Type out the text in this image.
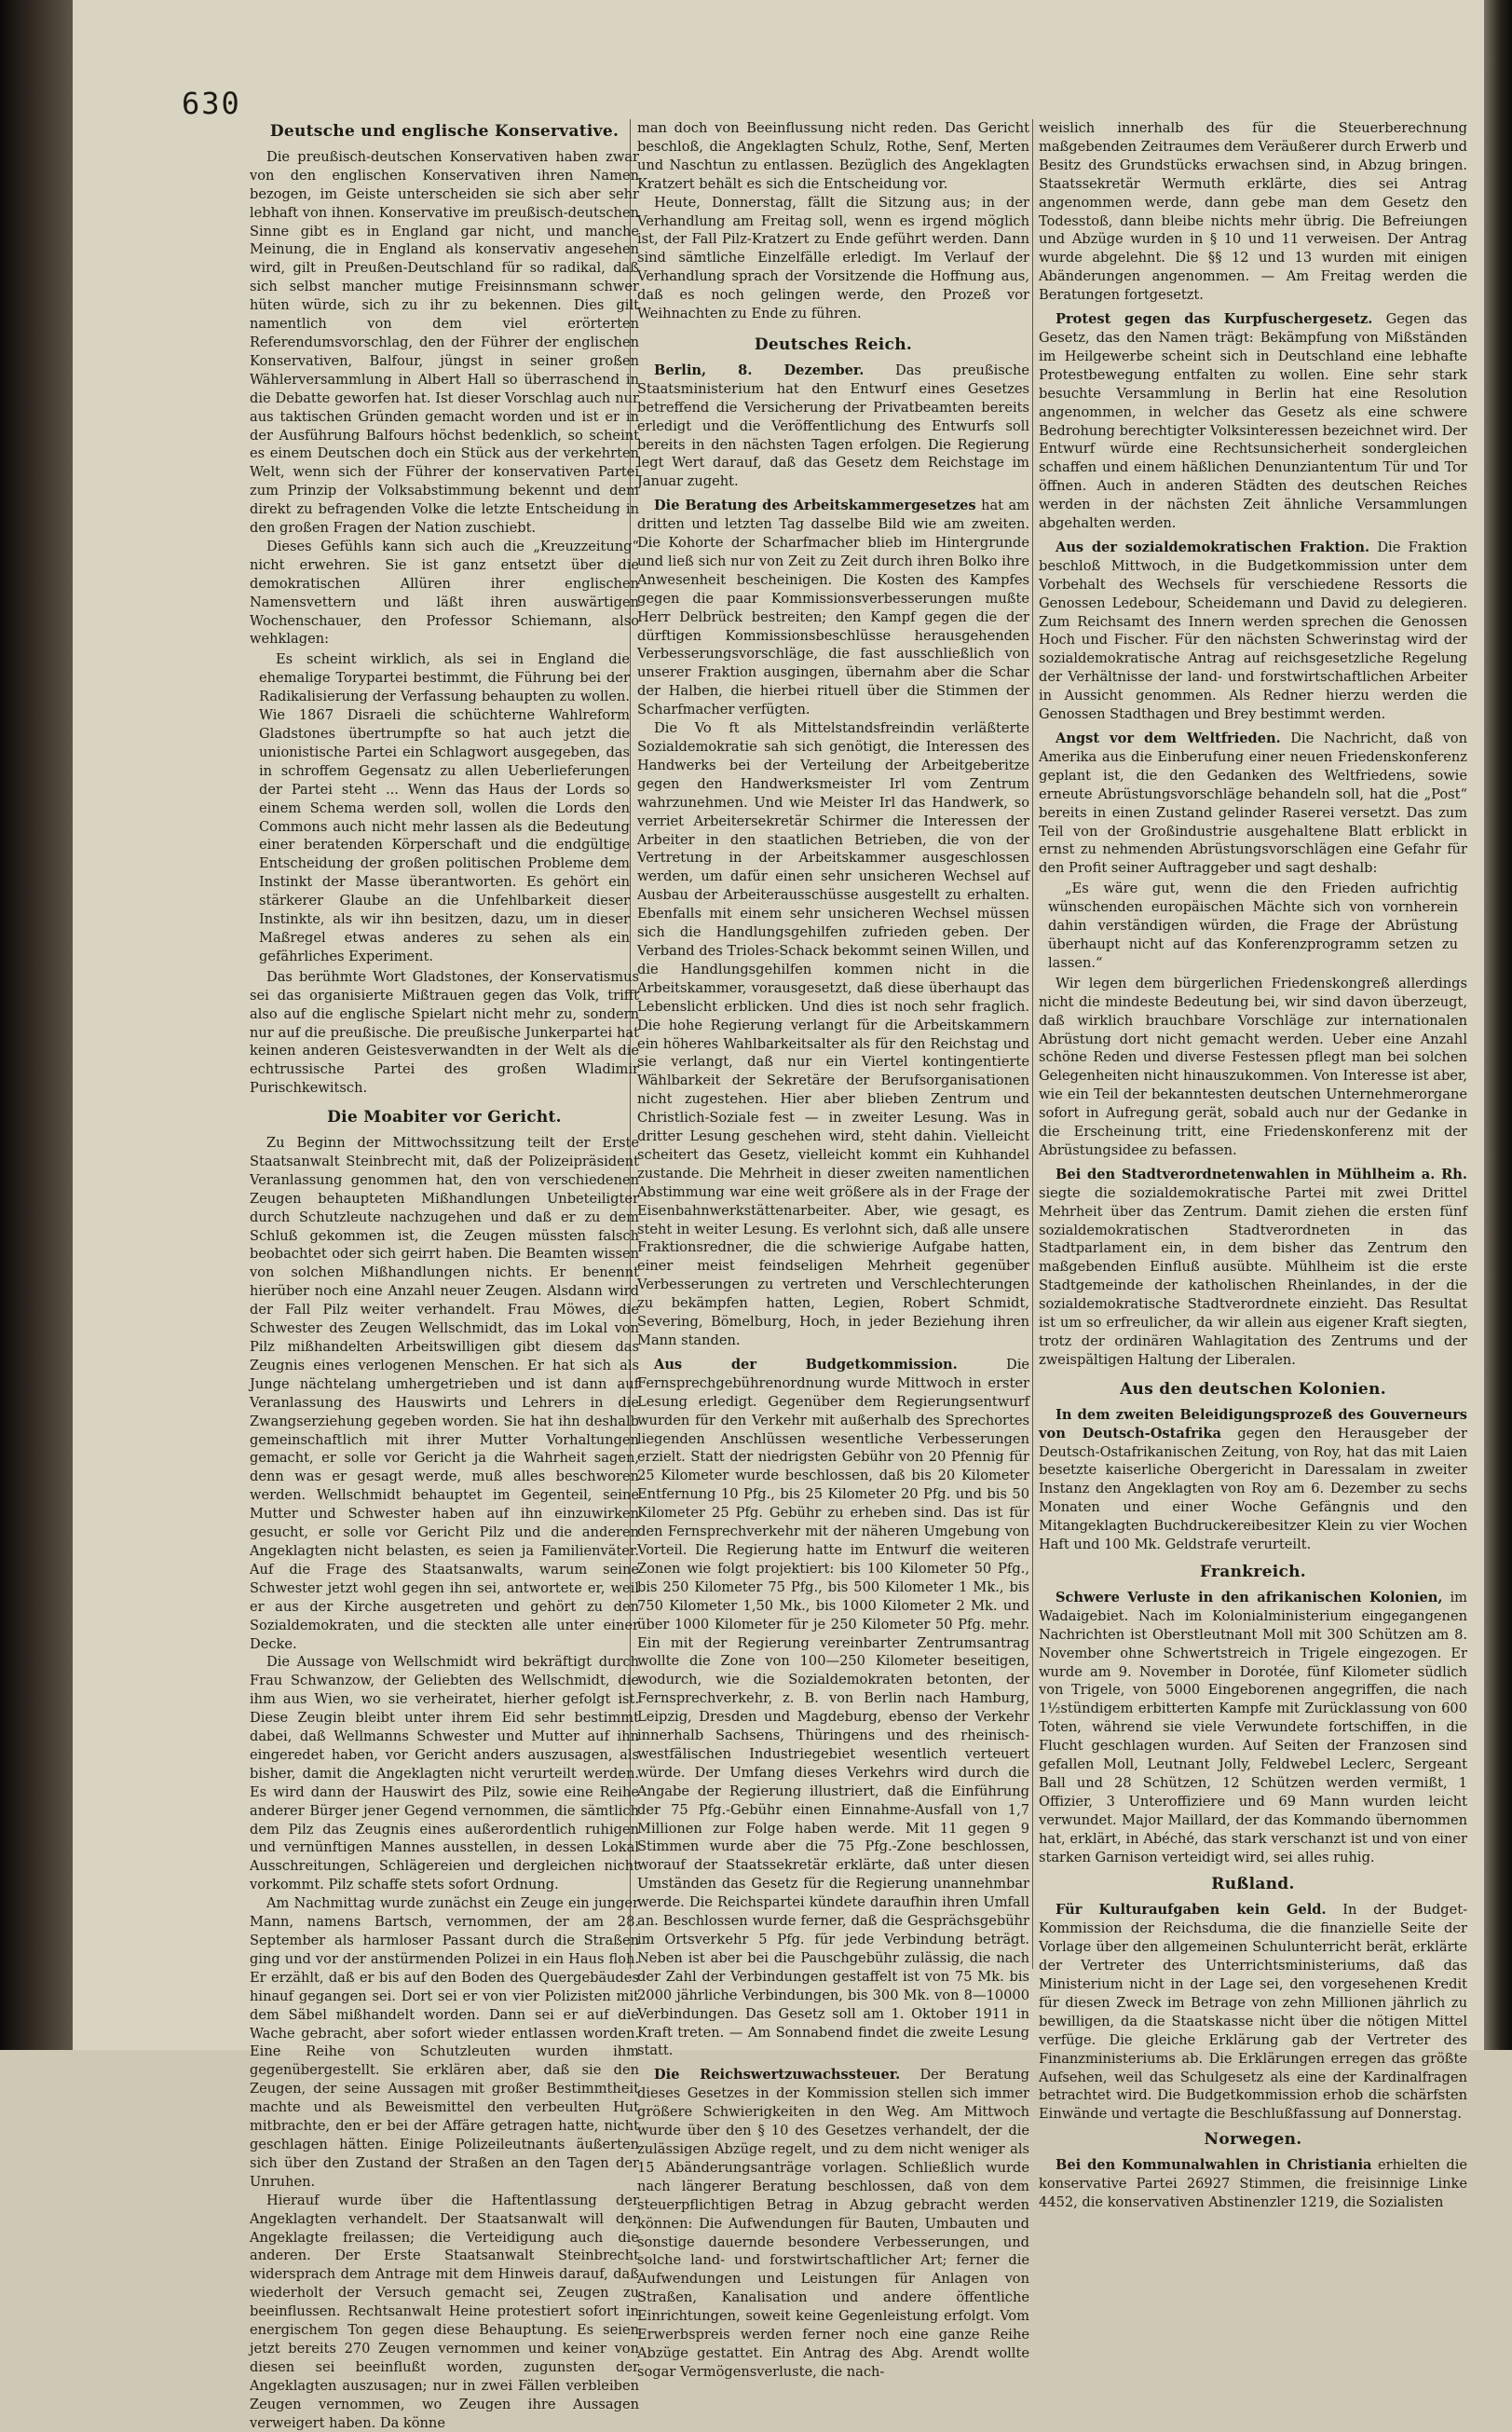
630
Deutsche und englische Konservative.

Die preußisch-deutschen Konservativen haben zwar von den englischen Konservativen ihren Namen bezogen, im Geiste unterscheiden sie sich aber sehr lebhaft von ihnen. Konservative im preußisch-deutschen Sinne gibt es in England gar nicht, und manche Meinung, die in England als konservativ angesehen wird, gilt in Preußen-Deutschland für so radikal, daß sich selbst mancher mutige Freisinnsmann schwer hüten würde, sich zu ihr zu bekennen. Dies gilt namentlich von dem viel erörterten Referendumsvorschlag, den der Führer der englischen Konservativen, Balfour, jüngst in seiner großen Wählerversammlung in Albert Hall so überraschend in die Debatte geworfen hat. Ist dieser Vorschlag auch nur aus taktischen Gründen gemacht worden und ist er in der Ausführung Balfours höchst bedenklich, so scheint es einem Deutschen doch ein Stück aus der verkehrten Welt, wenn sich der Führer der konservativen Partei zum Prinzip der Volksabstimmung bekennt und dem direkt zu befragenden Volke die letzte Entscheidung in den großen Fragen der Nation zuschiebt.

Dieses Gefühls kann sich auch die „Kreuzzeitung“ nicht erwehren. Sie ist ganz entsetzt über die demokratischen Allüren ihrer englischen Namensvettern und läßt ihren auswärtigen Wochenschauer, den Professor Schiemann, also wehklagen:

Es scheint wirklich, als sei in England die ehemalige Torypartei bestimmt, die Führung bei der Radikalisierung der Verfassung behaupten zu wollen. Wie 1867 Disraeli die schüchterne Wahlreform Gladstones übertrumpfte so hat auch jetzt die unionistische Partei ein Schlagwort ausgegeben, das in schroffem Gegensatz zu allen Ueberlieferungen der Partei steht ... Wenn das Haus der Lords so einem Schema werden soll, wollen die Lords den Commons auch nicht mehr lassen als die Bedeutung einer beratenden Körperschaft und die endgültige Entscheidung der großen politischen Probleme dem Instinkt der Masse überantworten. Es gehört ein stärkerer Glaube an die Unfehlbarkeit dieser Instinkte, als wir ihn besitzen, dazu, um in dieser Maßregel etwas anderes zu sehen als ein gefährliches Experiment.

Das berühmte Wort Gladstones, der Konservatismus sei das organisierte Mißtrauen gegen das Volk, trifft also auf die englische Spielart nicht mehr zu, sondern nur auf die preußische. Die preußische Junkerpartei hat keinen anderen Geistesverwandten in der Welt als die echtrussische Partei des großen Wladimir Purischkewitsch.

Die Moabiter vor Gericht.

Zu Beginn der Mittwochssitzung teilt der Erste Staatsanwalt Steinbrecht mit, daß der Polizeipräsident Veranlassung genommen hat, den von verschiedenen Zeugen behaupteten Mißhandlungen Unbeteiligter durch Schutzleute nachzugehen und daß er zu dem Schluß gekommen ist, die Zeugen müssten falsch beobachtet oder sich geirrt haben. Die Beamten wissen von solchen Mißhandlungen nichts. Er benennt hierüber noch eine Anzahl neuer Zeugen. Alsdann wird der Fall Pilz weiter verhandelt. Frau Möwes, die Schwester des Zeugen Wellschmidt, das im Lokal von Pilz mißhandelten Arbeitswilligen gibt diesem das Zeugnis eines verlogenen Menschen. Er hat sich als Junge nächtelang umhergetrieben und ist dann auf Veranlassung des Hauswirts und Lehrers in die Zwangserziehung gegeben worden. Sie hat ihn deshalb gemeinschaftlich mit ihrer Mutter Vorhaltungen gemacht, er solle vor Gericht ja die Wahrheit sagen, denn was er gesagt werde, muß alles beschworen werden. Wellschmidt behauptet im Gegenteil, seine Mutter und Schwester haben auf ihn einzuwirken gesucht, er solle vor Gericht Pilz und die anderen Angeklagten nicht belasten, es seien ja Familienväter. Auf die Frage des Staatsanwalts, warum seine Schwester jetzt wohl gegen ihn sei, antwortete er, weil er aus der Kirche ausgetreten und gehört zu den Sozialdemokraten, und die steckten alle unter einer Decke.

Die Aussage von Wellschmidt wird bekräftigt durch Frau Schwanzow, der Geliebten des Wellschmidt, die ihm aus Wien, wo sie verheiratet, hierher gefolgt ist. Diese Zeugin bleibt unter ihrem Eid sehr bestimmt dabei, daß Wellmanns Schwester und Mutter auf ihn eingeredet haben, vor Gericht anders auszusagen, als bisher, damit die Angeklagten nicht verurteilt werden. Es wird dann der Hauswirt des Pilz, sowie eine Reihe anderer Bürger jener Gegend vernommen, die sämtlich dem Pilz das Zeugnis eines außerordentlich ruhigen und vernünftigen Mannes ausstellen, in dessen Lokal Ausschreitungen, Schlägereien und dergleichen nicht vorkommt. Pilz schaffe stets sofort Ordnung.

Am Nachmittag wurde zunächst ein Zeuge ein junger Mann, namens Bartsch, vernommen, der am 28. September als harmloser Passant durch die Straßen ging und vor der anstürmenden Polizei in ein Haus floh. Er erzählt, daß er bis auf den Boden des Quergebäudes hinauf gegangen sei. Dort sei er von vier Polizisten mit dem Säbel mißhandelt worden. Dann sei er auf die Wache gebracht, aber sofort wieder entlassen worden. Eine Reihe von Schutzleuten wurden ihm gegenübergestellt. Sie erklären aber, daß sie den Zeugen, der seine Aussagen mit großer Bestimmtheit machte und als Beweismittel den verbeulten Hut mitbrachte, den er bei der Affäre getragen hatte, nicht geschlagen hätten. Einige Polizeileutnants äußerten sich über den Zustand der Straßen an den Tagen der Unruhen.

Hierauf wurde über die Haftentlassung der Angeklagten verhandelt. Der Staatsanwalt will der Angeklagte freilassen; die Verteidigung auch die anderen. Der Erste Staatsanwalt Steinbrecht widersprach dem Antrage mit dem Hinweis darauf, daß wiederholt der Versuch gemacht sei, Zeugen zu beeinflussen. Rechtsanwalt Heine protestiert sofort in energischem Ton gegen diese Behauptung. Es seien jetzt bereits 270 Zeugen vernommen und keiner von diesen sei beeinflußt worden, zugunsten der Angeklagten auszusagen; nur in zwei Fällen verbleiben Zeugen vernommen, wo Zeugen ihre Aussagen verweigert haben. Da könne

man doch von Beeinflussung nicht reden. Das Gericht beschloß, die Angeklagten Schulz, Rothe, Senf, Merten und Naschtun zu entlassen. Bezüglich des Angeklagten Kratzert behält es sich die Entscheidung vor.

Heute, Donnerstag, fällt die Sitzung aus; in der Verhandlung am Freitag soll, wenn es irgend möglich ist, der Fall Pilz-Kratzert zu Ende geführt werden. Dann sind sämtliche Einzelfälle erledigt. Im Verlauf der Verhandlung sprach der Vorsitzende die Hoffnung aus, daß es noch gelingen werde, den Prozeß vor Weihnachten zu Ende zu führen.

Deutsches Reich.

Berlin, 8. Dezember. Das preußische Staatsministerium hat den Entwurf eines Gesetzes betreffend die Versicherung der Privatbeamten bereits erledigt und die Veröffentlichung des Entwurfs soll bereits in den nächsten Tagen erfolgen. Die Regierung legt Wert darauf, daß das Gesetz dem Reichstage im Januar zugeht.

Die Beratung des Arbeitskammergesetzes hat am dritten und letzten Tag dasselbe Bild wie am zweiten. Die Kohorte der Scharfmacher blieb im Hintergrunde und ließ sich nur von Zeit zu Zeit durch ihren Bolko ihre Anwesenheit bescheinigen. Die Kosten des Kampfes gegen die paar Kommissionsverbesserungen mußte Herr Delbrück bestreiten; den Kampf gegen die der dürftigen Kommissionsbeschlüsse herausgehenden Verbesserungsvorschläge, die fast ausschließlich von unserer Fraktion ausgingen, übernahm aber die Schar der Halben, die hierbei rituell über die Stimmen der Scharfmacher verfügten.

Die Vo ft als Mittelstandsfreindin verläßterte Sozialdemokratie sah sich genötigt, die Interessen des Handwerks bei der Verteilung der Arbeitgeberitze gegen den Handwerksmeister Irl vom Zentrum wahrzunehmen. Und wie Meister Irl das Handwerk, so verriet Arbeitersekretär Schirmer die Interessen der Arbeiter in den staatlichen Betrieben, die von der Vertretung in der Arbeitskammer ausgeschlossen werden, um dafür einen sehr unsicheren Wechsel auf Ausbau der Arbeiterausschüsse ausgestellt zu erhalten. Ebenfalls mit einem sehr unsicheren Wechsel müssen sich die Handlungsgehilfen zufrieden geben. Der Verband des Trioles-Schack bekommt seinen Willen, und die Handlungsgehilfen kommen nicht in die Arbeitskammer, vorausgesetzt, daß diese überhaupt das Lebenslicht erblicken. Und dies ist noch sehr fraglich. Die hohe Regierung verlangt für die Arbeitskammern ein höheres Wahlbarkeitsalter als für den Reichstag und sie verlangt, daß nur ein Viertel kontingentierte Wählbarkeit der Sekretäre der Berufsorganisationen nicht zugestehen. Hier aber blieben Zentrum und Christlich-Soziale fest — in zweiter Lesung. Was in dritter Lesung geschehen wird, steht dahin. Vielleicht scheitert das Gesetz, vielleicht kommt ein Kuhhandel zustande. Die Mehrheit in dieser zweiten namentlichen Abstimmung war eine weit größere als in der Frage der Eisenbahnwerkstättenarbeiter. Aber, wie gesagt, es steht in weiter Lesung. Es verlohnt sich, daß alle unsere Fraktionsredner, die die schwierige Aufgabe hatten, einer meist feindseligen Mehrheit gegenüber Verbesserungen zu vertreten und Verschlechterungen zu bekämpfen hatten, Legien, Robert Schmidt, Severing, Bömelburg, Hoch, in jeder Beziehung ihren Mann standen.

Aus der Budgetkommission.	Die Fernsprechgebührenordnung wurde Mittwoch in erster Lesung erledigt. Gegenüber dem Regierungsentwurf wurden für den Verkehr mit außerhalb des Sprechortes liegenden Anschlüssen wesentliche Verbesserungen erzielt. Statt der niedrigsten Gebühr von 20 Pfennig für 25 Kilometer wurde beschlossen, daß bis 20 Kilometer Entfernung 10 Pfg., bis 25 Kilometer 20 Pfg. und bis 50 Kilometer 25 Pfg. Gebühr zu erheben sind. Das ist für den Fernsprechverkehr mit der näheren Umgebung von Vorteil. Die Regierung hatte im Entwurf die weiteren Zonen wie folgt projektiert: bis 100 Kilometer 50 Pfg., bis 250 Kilometer 75 Pfg., bis 500 Kilometer 1 Mk., bis 750 Kilometer 1,50 Mk., bis 1000 Kilometer 2 Mk. und über 1000 Kilometer für je 250 Kilometer 50 Pfg. mehr. Ein mit der Regierung vereinbarter Zentrumsantrag wollte die Zone von 100—250 Kilometer beseitigen, wodurch, wie die Sozialdemokraten betonten, der Fernsprechverkehr, z. B. von Berlin nach Hamburg, Leipzig, Dresden und Magdeburg, ebenso der Verkehr innerhalb Sachsens, Thüringens und des rheinisch-westfälischen Industriegebiet wesentlich verteuert würde. Der Umfang dieses Verkehrs wird durch die Angabe der Regierung illustriert, daß die Einführung der 75 Pfg.-Gebühr einen Einnahme-Ausfall von 1,7 Millionen zur Folge haben werde. Mit 11 gegen 9 Stimmen wurde aber die 75 Pfg.-Zone beschlossen, worauf der Staatssekretär erklärte, daß unter diesen Umständen das Gesetz für die Regierung unannehmbar werde. Die Reichspartei kündete daraufhin ihren Umfall an. Beschlossen wurde ferner, daß die Gesprächsgebühr im Ortsverkehr 5 Pfg. für jede Verbindung beträgt. Neben ist aber bei die Pauschgebühr zulässig, die nach der Zahl der Verbindungen gestaffelt ist von 75 Mk. bis 2000 jährliche Verbindungen, bis 300 Mk. von 8—10000 Verbindungen. Das Gesetz soll am 1. Oktober 1911 in Kraft treten. — Am Sonnabend findet die zweite Lesung statt.

Die Reichswertzuwachssteuer. Der Beratung dieses Gesetzes in der Kommission stellen sich immer größere Schwierigkeiten in den Weg. Am Mittwoch wurde über den § 10 des Gesetzes verhandelt, der die zulässigen Abzüge regelt, und zu dem nicht weniger als 15 Abänderungsanträge vorlagen. Schließlich wurde nach längerer Beratung beschlossen, daß von dem steuerpflichtigen Betrag in Abzug gebracht werden können: Die Aufwendungen für Bauten, Umbauten und sonstige dauernde besondere Verbesserungen, und solche land- und forstwirtschaftlicher Art; ferner die Aufwendungen und Leistungen für Anlagen von Straßen, Kanalisation und andere öffentliche Einrichtungen, soweit keine Gegenleistung erfolgt. Vom Erwerbspreis werden ferner noch eine ganze Reihe Abzüge gestattet. Ein Antrag des Abg. Arendt wollte sogar Vermögensverluste, die nach-

weislich innerhalb des für die Steuerberechnung maßgebenden Zeitraumes dem Veräußerer durch Erwerb und Besitz des Grundstücks erwachsen sind, in Abzug bringen. Staatssekretär Wermuth erklärte, dies sei Antrag angenommen werde, dann gebe man dem Gesetz den Todesstoß, dann bleibe nichts mehr übrig. Die Befreiungen und Abzüge wurden in § 10 und 11 verweisen. Der Antrag wurde abgelehnt. Die §§ 12 und 13 wurden mit einigen Abänderungen angenommen. — Am Freitag werden die Beratungen fortgesetzt.

Protest gegen das Kurpfuschergesetz. Gegen das Gesetz, das den Namen trägt: Bekämpfung von Mißständen im Heilgewerbe scheint sich in Deutschland eine lebhafte Protestbewegung entfalten zu wollen. Eine sehr stark besuchte Versammlung in Berlin hat eine Resolution angenommen, in welcher das Gesetz als eine schwere Bedrohung berechtigter Volksinteressen bezeichnet wird. Der Entwurf würde eine Rechtsunsicherheit sondergleichen schaffen und einem häßlichen Denunziantentum Tür und Tor öffnen. Auch in anderen Städten des deutschen Reiches werden in der nächsten Zeit ähnliche Versammlungen abgehalten werden.

Aus der sozialdemokratischen Fraktion. Die Fraktion beschloß Mittwoch, in die Budgetkommission unter dem Vorbehalt des Wechsels für verschiedene Ressorts die Genossen Ledebour, Scheidemann und David zu delegieren. Zum Reichsamt des Innern werden sprechen die Genossen Hoch und Fischer. Für den nächsten Schwerinstag wird der sozialdemokratische Antrag auf reichsgesetzliche Regelung der Verhältnisse der land- und forstwirtschaftlichen Arbeiter in Aussicht genommen. Als Redner hierzu werden die Genossen Stadthagen und Brey bestimmt werden.

Angst vor dem Weltfrieden. Die Nachricht, daß von Amerika aus die Einberufung einer neuen Friedenskonferenz geplant ist, die den Gedanken des Weltfriedens, sowie erneute Abrüstungsvorschläge behandeln soll, hat die „Post“ bereits in einen Zustand gelinder Raserei versetzt. Das zum Teil von der Großindustrie ausgehaltene Blatt erblickt in ernst zu nehmenden Abrüstungsvorschlägen eine Gefahr für den Profit seiner Auftraggeber und sagt deshalb:

„Es wäre gut, wenn die den Frieden aufrichtig wünschenden europäischen Mächte sich von vornherein dahin verständigen würden, die Frage der Abrüstung überhaupt nicht auf das Konferenzprogramm setzen zu lassen.“

Wir legen dem bürgerlichen Friedenskongreß allerdings nicht die mindeste Bedeutung bei, wir sind davon überzeugt, daß wirklich brauchbare Vorschläge zur internationalen Abrüstung dort nicht gemacht werden. Ueber eine Anzahl schöne Reden und diverse Festessen pflegt man bei solchen Gelegenheiten nicht hinauszukommen. Von Interesse ist aber, wie ein Teil der bekanntesten deutschen Unternehmerorgane sofort in Aufregung gerät, sobald auch nur der Gedanke in die Erscheinung tritt, eine Friedenskonferenz mit der Abrüstungsidee zu befassen.

Bei den Stadtverordnetenwahlen in Mühlheim a. Rh. siegte die sozialdemokratische Partei mit zwei Drittel Mehrheit über das Zentrum. Damit ziehen die ersten fünf sozialdemokratischen Stadtverordneten in das Stadtparlament ein, in dem bisher das Zentrum den maßgebenden Einfluß ausübte. Mühlheim ist die erste Stadtgemeinde der katholischen Rheinlandes, in der die sozialdemokratische Stadtverordnete einzieht. Das Resultat ist um so erfreulicher, da wir allein aus eigener Kraft siegten, trotz der ordinären Wahlagitation des Zentrums und der zweispältigen Haltung der Liberalen.

Aus den deutschen Kolonien.

In dem zweiten Beleidigungsprozeß des Gouverneurs von Deutsch-Ostafrika gegen den Herausgeber der Deutsch-Ostafrikanischen Zeitung, von Roy, hat das mit Laien besetzte kaiserliche Obergericht in Daressalam in zweiter Instanz den Angeklagten von Roy am 6. Dezember zu sechs Monaten und einer Woche Gefängnis und den Mitangeklagten Buchdruckereibesitzer Klein zu vier Wochen Haft und 100 Mk. Geldstrafe verurteilt.

Frankreich.

Schwere Verluste in den afrikanischen Kolonien, im Wadaigebiet. Nach im Kolonialministerium eingegangenen Nachrichten ist Oberstleutnant Moll mit 300 Schützen am 8. November ohne Schwertstreich in Trigele eingezogen. Er wurde am 9. November in Dorotée, fünf Kilometer südlich von Trigele, von 5000 Eingeborenen angegriffen, die nach 1½stündigem erbitterten Kampfe mit Zurücklassung von 600 Toten, während sie viele Verwundete fortschiffen, in die Flucht geschlagen wurden. Auf Seiten der Franzosen sind gefallen Moll, Leutnant Jolly, Feldwebel Leclerc, Sergeant Ball und 28 Schützen, 12 Schützen werden vermißt, 1 Offizier, 3 Unteroffiziere und 69 Mann wurden leicht verwundet. Major Maillard, der das Kommando übernommen hat, erklärt, in Abéché, das stark verschanzt ist und von einer starken Garnison verteidigt wird, sei alles ruhig.

Rußland.

Für Kulturaufgaben kein Geld. In der Budget-Kommission der Reichsduma, die die finanzielle Seite der Vorlage über den allgemeinen Schulunterricht berät, erklärte der Vertreter des Unterrichtsministeriums, daß das Ministerium nicht in der Lage sei, den vorgesehenen Kredit für diesen Zweck im Betrage von zehn Millionen jährlich zu bewilligen, da die Staatskasse nicht über die nötigen Mittel verfüge. Die gleiche Erklärung gab der Vertreter des Finanzministeriums ab. Die Erklärungen erregen das größte Aufsehen, weil das Schulgesetz als eine der Kardinalfragen betrachtet wird. Die Budgetkommission erhob die schärfsten Einwände und vertagte die Beschlußfassung auf Donnerstag.

Norwegen.

Bei den Kommunalwahlen in Christiania erhielten die konservative Partei 26927 Stimmen, die freisinnige Linke 4452, die konservativen Abstinenzler 1219, die Sozialisten
